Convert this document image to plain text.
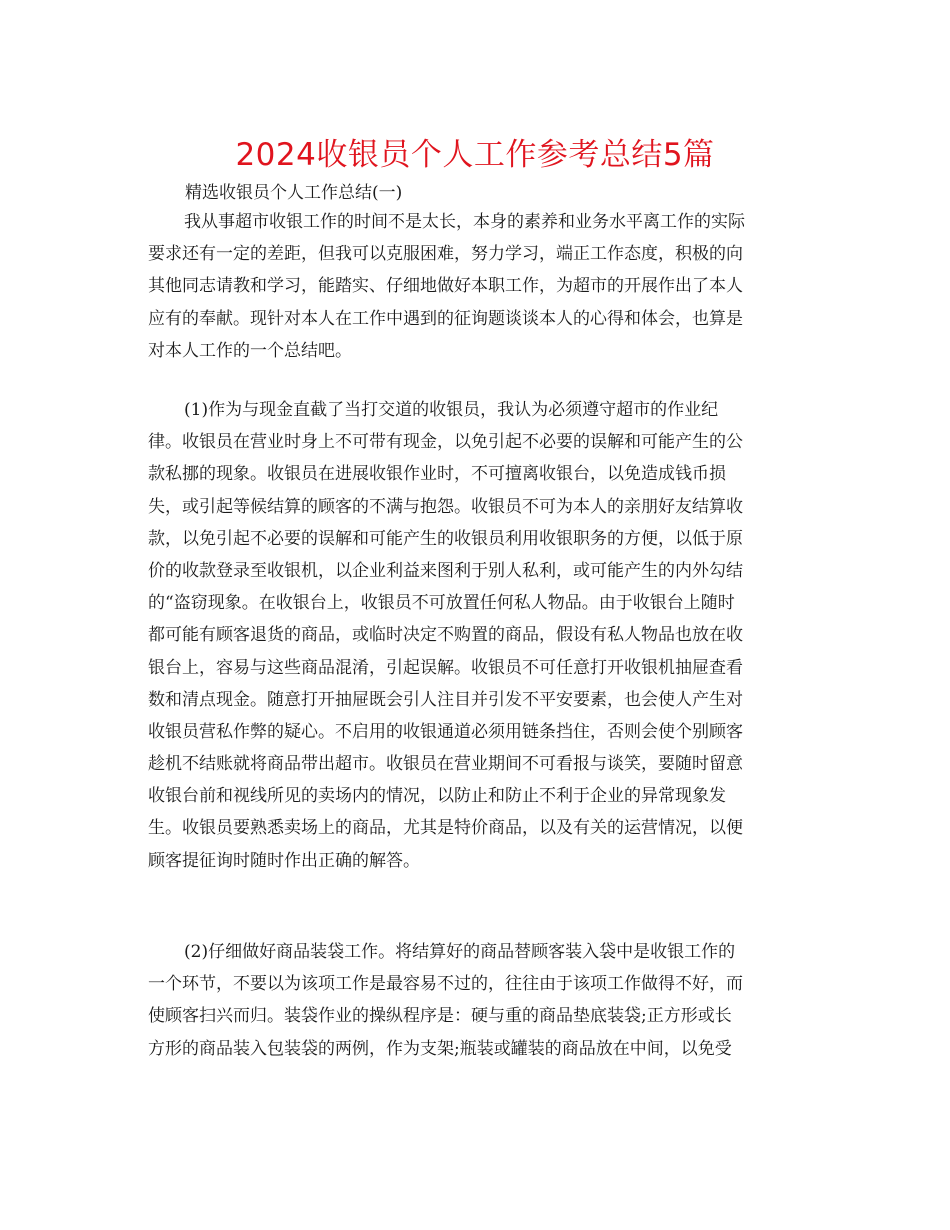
2024收银员个人工作参考总结5篇

精选收银员个人工作总结(一)

我从事超市收银工作的时间不是太长，本身的素养和业务水平离工作的实际
要求还有一定的差距，但我可以克服困难，努力学习，端正工作态度，积极的向
其他同志请教和学习，能踏实、仔细地做好本职工作，为超市的开展作出了本人
应有的奉献。现针对本人在工作中遇到的征询题谈谈本人的心得和体会，也算是
对本人工作的一个总结吧。
(1)作为与现金直截了当打交道的收银员，我认为必须遵守超市的作业纪
律。收银员在营业时身上不可带有现金，以免引起不必要的误解和可能产生的公
款私挪的现象。收银员在进展收银作业时，不可擅离收银台，以免造成钱币损
失，或引起等候结算的顾客的不满与抱怨。收银员不可为本人的亲朋好友结算收
款，以免引起不必要的误解和可能产生的收银员利用收银职务的方便，以低于原
价的收款登录至收银机，以企业利益来图利于别人私利，或可能产生的内外勾结
的“盗窃现象。在收银台上，收银员不可放置任何私人物品。由于收银台上随时
都可能有顾客退货的商品，或临时决定不购置的商品，假设有私人物品也放在收
银台上，容易与这些商品混淆，引起误解。收银员不可任意打开收银机抽屉查看
数和清点现金。随意打开抽屉既会引人注目并引发不平安要素，也会使人产生对
收银员营私作弊的疑心。不启用的收银通道必须用链条挡住，否则会使个别顾客
趁机不结账就将商品带出超市。收银员在营业期间不可看报与谈笑，要随时留意
收银台前和视线所见的卖场内的情况，以防止和防止不利于企业的异常现象发
生。收银员要熟悉卖场上的商品，尤其是特价商品，以及有关的运营情况，以便
顾客提征询时随时作出正确的解答。
(2)仔细做好商品装袋工作。将结算好的商品替顾客装入袋中是收银工作的
一个环节，不要以为该项工作是最容易不过的，往往由于该项工作做得不好，而
使顾客扫兴而归。装袋作业的操纵程序是：硬与重的商品垫底装袋;正方形或长
方形的商品装入包装袋的两例，作为支架;瓶装或罐装的商品放在中间，以免受
